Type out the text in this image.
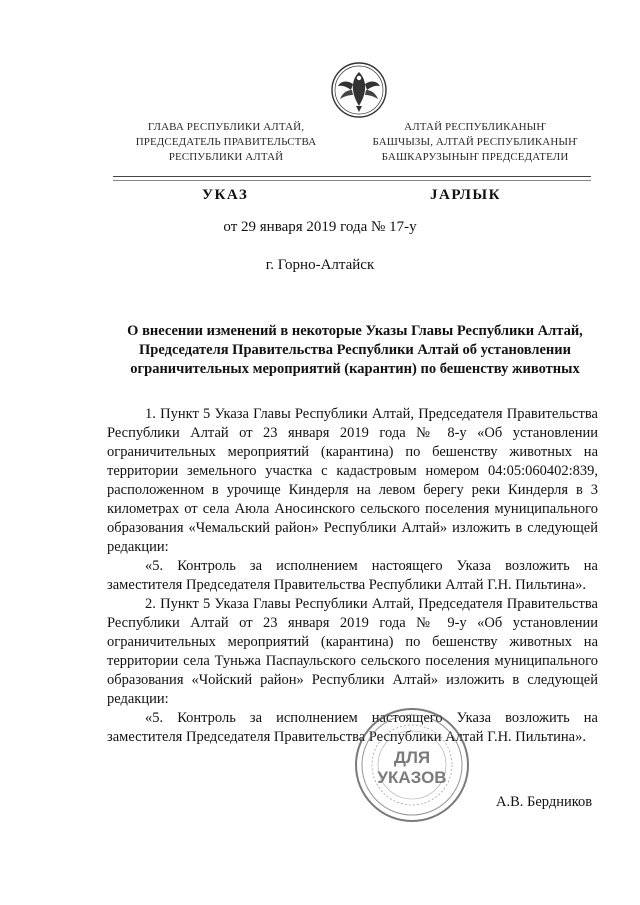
ГЛАВА РЕСПУБЛИКИ АЛТАЙ,
ПРЕДСЕДАТЕЛЬ ПРАВИТЕЛЬСТВА
РЕСПУБЛИКИ АЛТАЙ
АЛТАЙ РЕСПУБЛИКАНЫҤ
БАШЧЫЗЫ, АЛТАЙ РЕСПУБЛИКАНЫҤ
БАШКАРУЗЫНЫҤ ПРЕДСЕДАТЕЛИ
УКАЗ	JАРЛЫК
от 29 января 2019 года № 17-у
г. Горно-Алтайск
О внесении изменений в некоторые Указы Главы Республики Алтай, Председателя Правительства Республики Алтай об установлении ограничительных мероприятий (карантин) по бешенству животных

1. Пункт 5 Указа Главы Республики Алтай, Председателя Правительства Республики Алтай от 23 января 2019 года № 8-у «Об установлении ограничительных мероприятий (карантина) по бешенству животных на территории земельного участка с кадастровым номером 04:05:060402:839, расположенном в урочище Киндерля на левом берегу реки Киндерля в 3 километрах от села Аюла Аносинского сельского поселения муниципального образования «Чемальский район» Республики Алтай» изложить в следующей редакции:

«5. Контроль за исполнением настоящего Указа возложить на заместителя Председателя Правительства Республики Алтай Г.Н. Пильтина».

2. Пункт 5 Указа Главы Республики Алтай, Председателя Правительства Республики Алтай от 23 января 2019 года № 9-у «Об установлении ограничительных мероприятий (карантина) по бешенству животных на территории села Туньжа Паспаульского сельского поселения муниципального образования «Чойский район» Республики Алтай» изложить в следующей редакции:

«5. Контроль за исполнением настоящего Указа возложить на заместителя Председателя Правительства Республики Алтай Г.Н. Пильтина».

ДЛЯ
УКАЗОВ
А.В. Бердников
